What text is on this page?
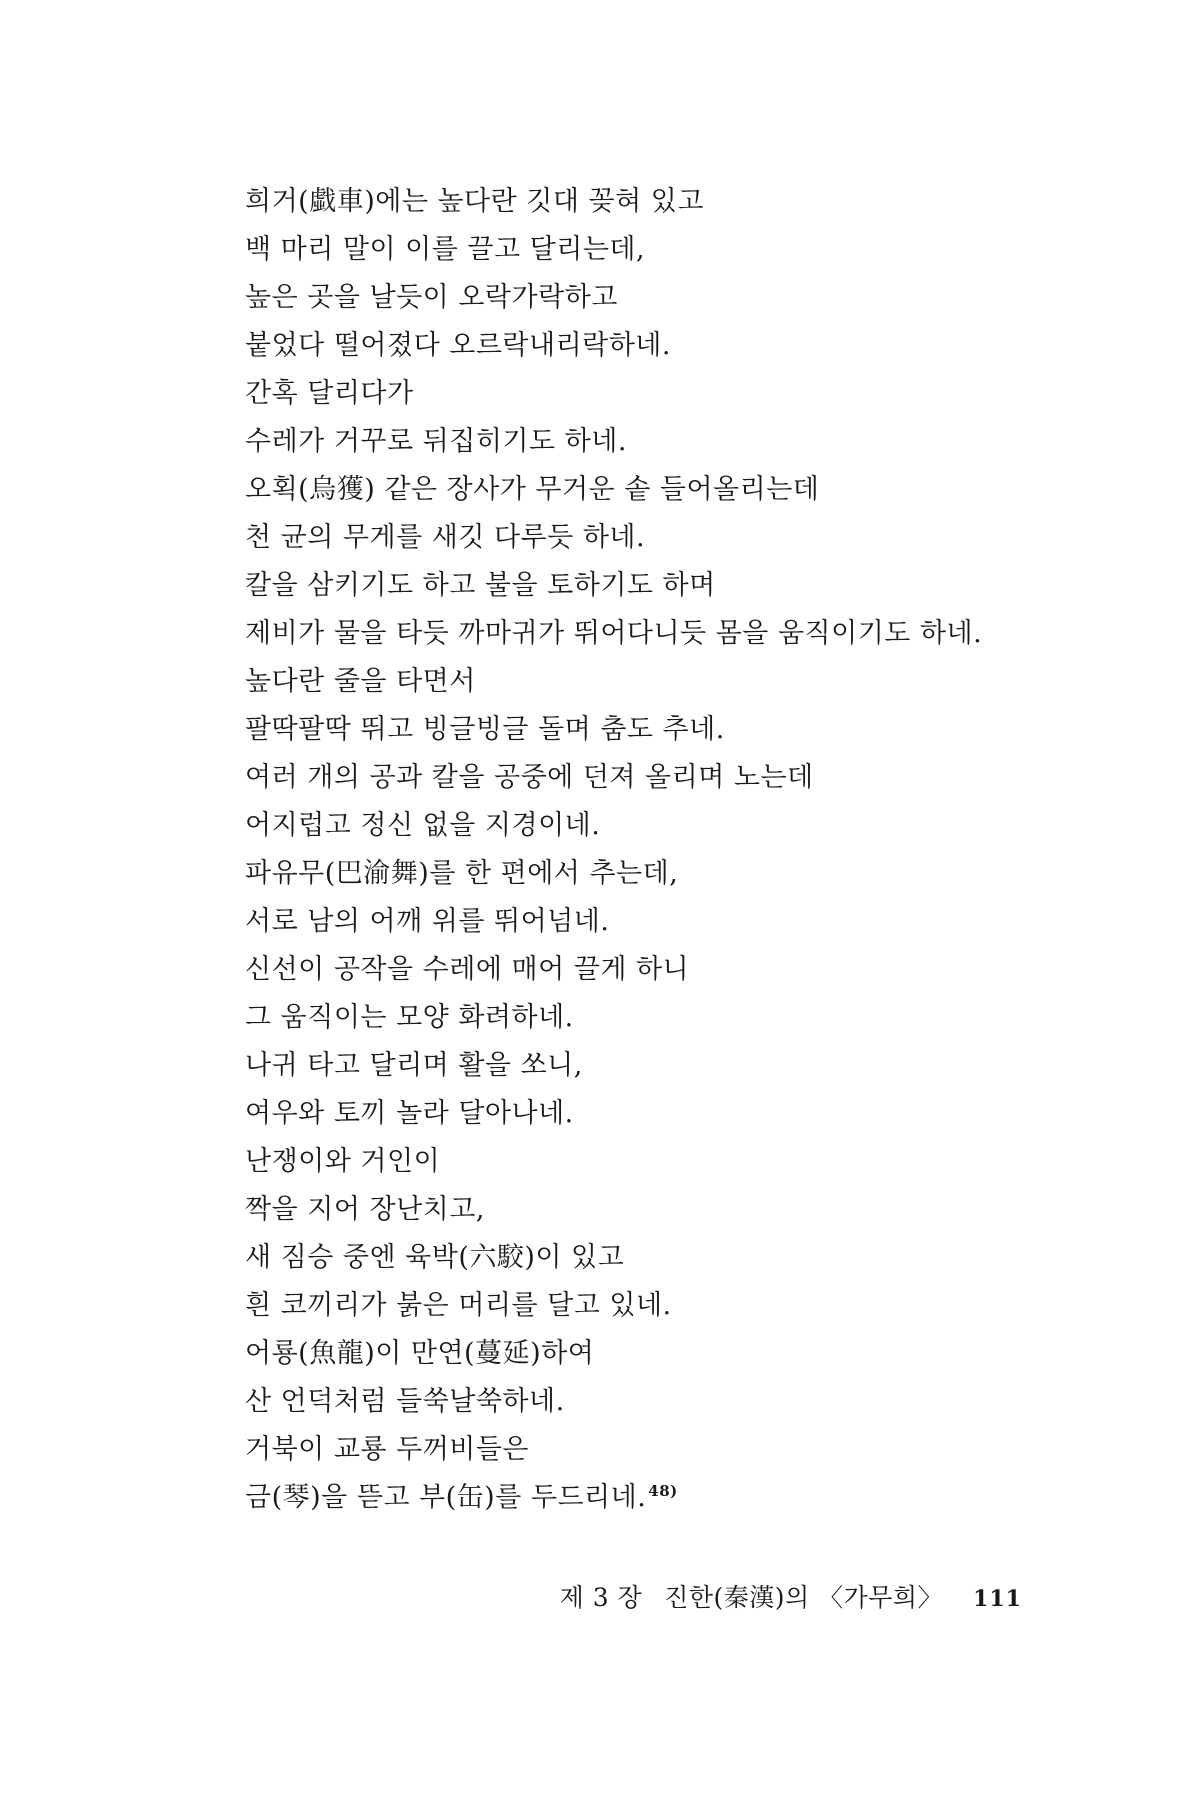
희거(戱車)에는 높다란 깃대 꽂혀 있고
백 마리 말이 이를 끌고 달리는데,
높은 곳을 날듯이 오락가락하고
붙었다 떨어졌다 오르락내리락하네.
간혹 달리다가
수레가 거꾸로 뒤집히기도 하네.
오획(烏獲) 같은 장사가 무거운 솥 들어올리는데
천 균의 무게를 새깃 다루듯 하네.
칼을 삼키기도 하고 불을 토하기도 하며
제비가 물을 타듯 까마귀가 뛰어다니듯 몸을 움직이기도 하네.
높다란 줄을 타면서
팔딱팔딱 뛰고 빙글빙글 돌며 춤도 추네.
여러 개의 공과 칼을 공중에 던져 올리며 노는데
어지럽고 정신 없을 지경이네.
파유무(巴渝舞)를 한 편에서 추는데,
서로 남의 어깨 위를 뛰어넘네.
신선이 공작을 수레에 매어 끌게 하니
그 움직이는 모양 화려하네.
나귀 타고 달리며 활을 쏘니,
여우와 토끼 놀라 달아나네.
난쟁이와 거인이
짝을 지어 장난치고,
새 짐승 중엔 육박(六駮)이 있고
흰 코끼리가 붉은 머리를 달고 있네.
어룡(魚龍)이 만연(蔓延)하여
산 언덕처럼 들쑥날쑥하네.
거북이 교룡 두꺼비들은
금(琴)을 뜯고 부(缶)를 두드리네. $^{48)}$
제 3 장 진한(秦漢)의 〈가무희〉 111
